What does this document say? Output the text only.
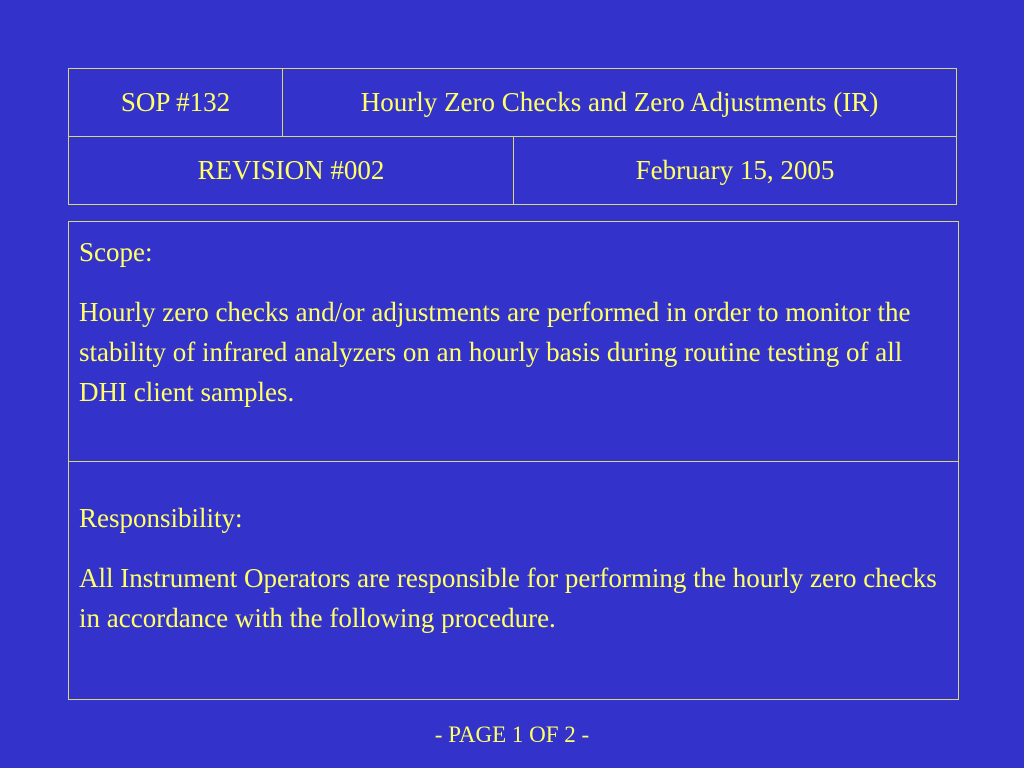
SOP #132	Hourly Zero Checks and Zero Adjustments (IR)
REVISION #002	February 15, 2005

Scope:

Hourly zero checks and/or adjustments are performed in order to monitor the stability of infrared analyzers on an hourly basis during routine testing of all DHI client samples.

Responsibility:

All Instrument Operators are responsible for performing the hourly zero checks in accordance with the following procedure.

- PAGE 1 OF 2 -
